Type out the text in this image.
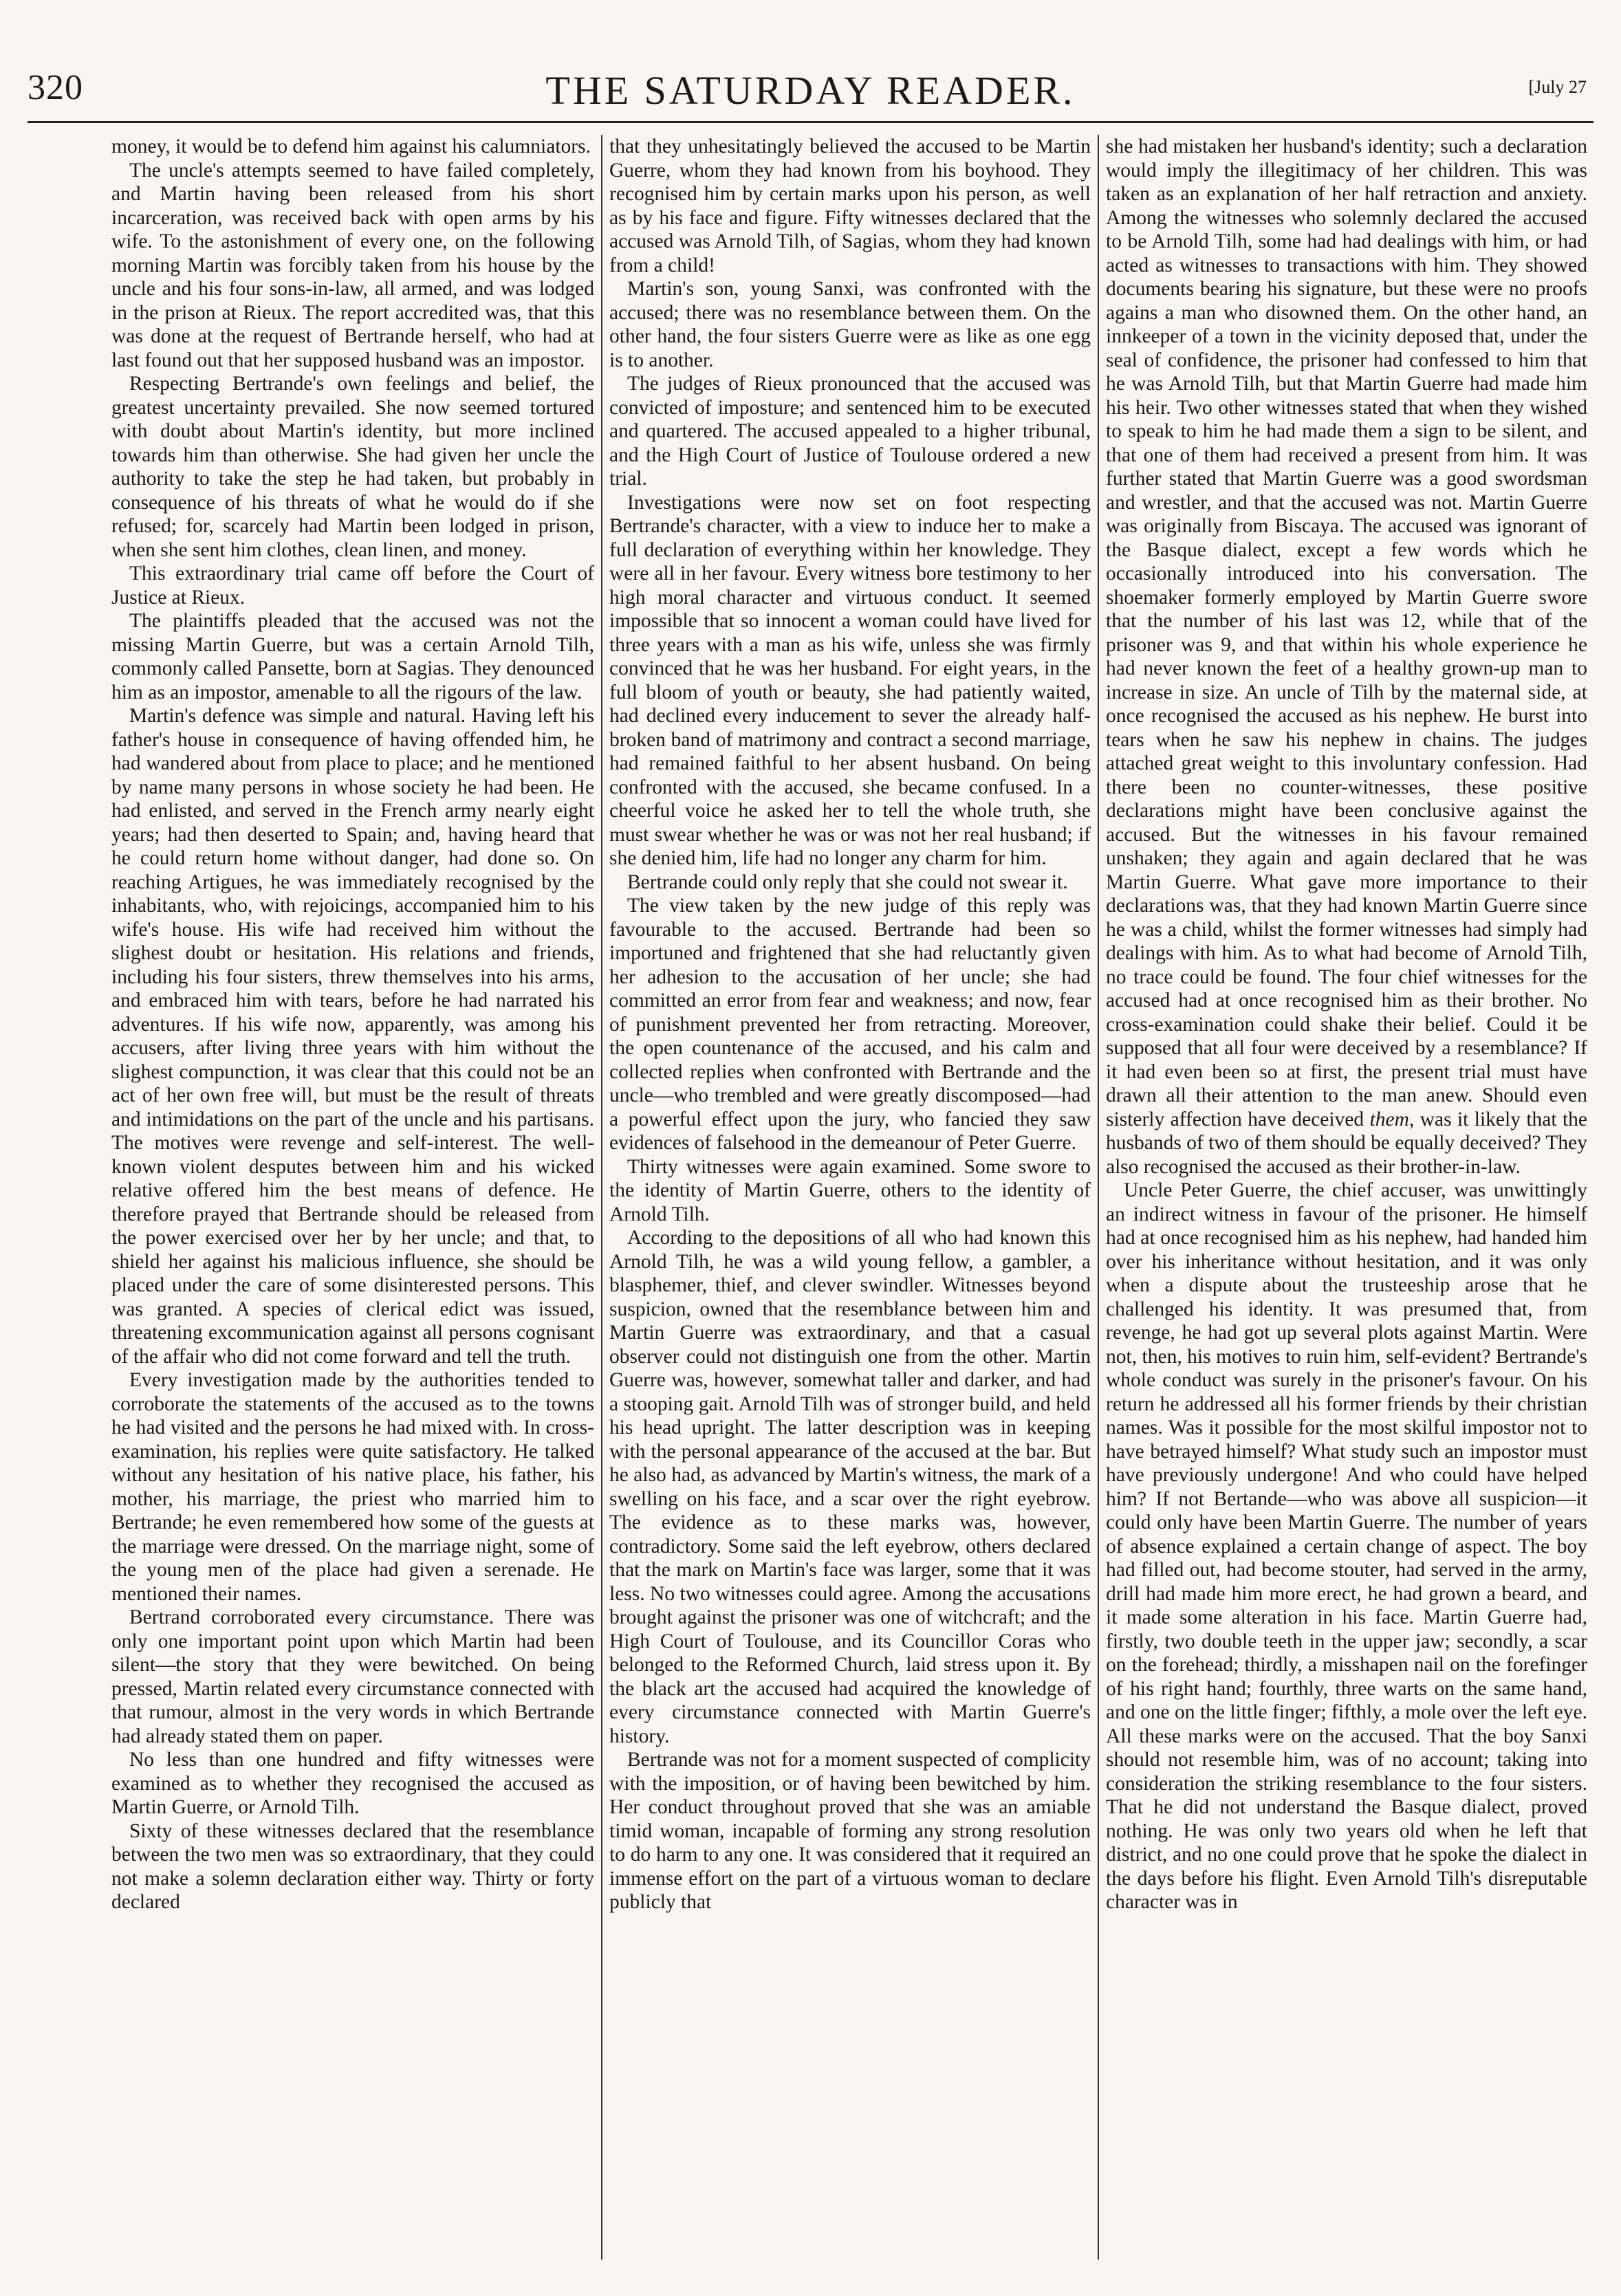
320	THE SATURDAY READER.	[July 27

money, it would be to defend him against his calumniators.

The uncle's attempts seemed to have failed completely, and Martin having been released from his short incarceration, was received back with open arms by his wife. To the astonishment of every one, on the following morning Martin was forcibly taken from his house by the uncle and his four sons-in-law, all armed, and was lodged in the prison at Rieux. The report accredited was, that this was done at the request of Bertrande herself, who had at last found out that her supposed husband was an impostor.

Respecting Bertrande's own feelings and belief, the greatest uncertainty prevailed. She now seemed tortured with doubt about Martin's identity, but more inclined towards him than otherwise. She had given her uncle the authority to take the step he had taken, but probably in consequence of his threats of what he would do if she refused; for, scarcely had Martin been lodged in prison, when she sent him clothes, clean linen, and money.

This extraordinary trial came off before the Court of Justice at Rieux.

The plaintiffs pleaded that the accused was not the missing Martin Guerre, but was a certain Arnold Tilh, commonly called Pansette, born at Sagias. They denounced him as an impostor, amenable to all the rigours of the law.

Martin's defence was simple and natural. Having left his father's house in consequence of having offended him, he had wandered about from place to place; and he mentioned by name many persons in whose society he had been. He had enlisted, and served in the French army nearly eight years; had then deserted to Spain; and, having heard that he could return home without danger, had done so. On reaching Artigues, he was immediately recognised by the inhabitants, who, with rejoicings, accompanied him to his wife's house. His wife had received him without the slighest doubt or hesitation. His relations and friends, including his four sisters, threw themselves into his arms, and embraced him with tears, before he had narrated his adventures. If his wife now, apparently, was among his accusers, after living three years with him without the slighest compunction, it was clear that this could not be an act of her own free will, but must be the result of threats and intimidations on the part of the uncle and his partisans. The motives were revenge and self-interest. The well-known violent desputes between him and his wicked relative offered him the best means of defence. He therefore prayed that Bertrande should be released from the power exercised over her by her uncle; and that, to shield her against his malicious influence, she should be placed under the care of some disinterested persons. This was granted. A species of clerical edict was issued, threatening excommunication against all persons cognisant of the affair who did not come forward and tell the truth.

Every investigation made by the authorities tended to corroborate the statements of the accused as to the towns he had visited and the persons he had mixed with. In cross-examination, his replies were quite satisfactory. He talked without any hesitation of his native place, his father, his mother, his marriage, the priest who married him to Bertrande; he even remembered how some of the guests at the marriage were dressed. On the marriage night, some of the young men of the place had given a serenade. He mentioned their names.

Bertrand corroborated every circumstance. There was only one important point upon which Martin had been silent—the story that they were bewitched. On being pressed, Martin related every circumstance connected with that rumour, almost in the very words in which Bertrande had already stated them on paper.

No less than one hundred and fifty witnesses were examined as to whether they recognised the accused as Martin Guerre, or Arnold Tilh.

Sixty of these witnesses declared that the resemblance between the two men was so extraordinary, that they could not make a solemn declaration either way. Thirty or forty declared

that they unhesitatingly believed the accused to be Martin Guerre, whom they had known from his boyhood. They recognised him by certain marks upon his person, as well as by his face and figure. Fifty witnesses declared that the accused was Arnold Tilh, of Sagias, whom they had known from a child!

Martin's son, young Sanxi, was confronted with the accused; there was no resemblance between them. On the other hand, the four sisters Guerre were as like as one egg is to another.

The judges of Rieux pronounced that the accused was convicted of imposture; and sentenced him to be executed and quartered. The accused appealed to a higher tribunal, and the High Court of Justice of Toulouse ordered a new trial.

Investigations were now set on foot respecting Bertrande's character, with a view to induce her to make a full declaration of everything within her knowledge. They were all in her favour. Every witness bore testimony to her high moral character and virtuous conduct. It seemed impossible that so innocent a woman could have lived for three years with a man as his wife, unless she was firmly convinced that he was her husband. For eight years, in the full bloom of youth or beauty, she had patiently waited, had declined every inducement to sever the already half-broken band of matrimony and contract a second marriage, had remained faithful to her absent husband. On being confronted with the accused, she became confused. In a cheerful voice he asked her to tell the whole truth, she must swear whether he was or was not her real husband; if she denied him, life had no longer any charm for him.

Bertrande could only reply that she could not swear it.

The view taken by the new judge of this reply was favourable to the accused. Bertrande had been so importuned and frightened that she had reluctantly given her adhesion to the accusation of her uncle; she had committed an error from fear and weakness; and now, fear of punishment prevented her from retracting. Moreover, the open countenance of the accused, and his calm and collected replies when confronted with Bertrande and the uncle—who trembled and were greatly discomposed—had a powerful effect upon the jury, who fancied they saw evidences of falsehood in the demeanour of Peter Guerre.

Thirty witnesses were again examined. Some swore to the identity of Martin Guerre, others to the identity of Arnold Tilh.

According to the depositions of all who had known this Arnold Tilh, he was a wild young fellow, a gambler, a blasphemer, thief, and clever swindler. Witnesses beyond suspicion, owned that the resemblance between him and Martin Guerre was extraordinary, and that a casual observer could not distinguish one from the other. Martin Guerre was, however, somewhat taller and darker, and had a stooping gait. Arnold Tilh was of stronger build, and held his head upright. The latter description was in keeping with the personal appearance of the accused at the bar. But he also had, as advanced by Martin's witness, the mark of a swelling on his face, and a scar over the right eyebrow. The evidence as to these marks was, however, contradictory. Some said the left eyebrow, others declared that the mark on Martin's face was larger, some that it was less. No two witnesses could agree. Among the accusations brought against the prisoner was one of witchcraft; and the High Court of Toulouse, and its Councillor Coras who belonged to the Reformed Church, laid stress upon it. By the black art the accused had acquired the knowledge of every circumstance connected with Martin Guerre's history.

Bertrande was not for a moment suspected of complicity with the imposition, or of having been bewitched by him. Her conduct throughout proved that she was an amiable timid woman, incapable of forming any strong resolution to do harm to any one. It was considered that it required an immense effort on the part of a virtuous woman to declare publicly that

she had mistaken her husband's identity; such a declaration would imply the illegitimacy of her children. This was taken as an explanation of her half retraction and anxiety. Among the witnesses who solemnly declared the accused to be Arnold Tilh, some had had dealings with him, or had acted as witnesses to transactions with him. They showed documents bearing his signature, but these were no proofs agains a man who disowned them. On the other hand, an innkeeper of a town in the vicinity deposed that, under the seal of confidence, the prisoner had confessed to him that he was Arnold Tilh, but that Martin Guerre had made him his heir. Two other witnesses stated that when they wished to speak to him he had made them a sign to be silent, and that one of them had received a present from him. It was further stated that Martin Guerre was a good swordsman and wrestler, and that the accused was not. Martin Guerre was originally from Biscaya. The accused was ignorant of the Basque dialect, except a few words which he occasionally introduced into his conversation. The shoemaker formerly employed by Martin Guerre swore that the number of his last was 12, while that of the prisoner was 9, and that within his whole experience he had never known the feet of a healthy grown-up man to increase in size. An uncle of Tilh by the maternal side, at once recognised the accused as his nephew. He burst into tears when he saw his nephew in chains. The judges attached great weight to this involuntary confession. Had there been no counter-witnesses, these positive declarations might have been conclusive against the accused. But the witnesses in his favour remained unshaken; they again and again declared that he was Martin Guerre. What gave more importance to their declarations was, that they had known Martin Guerre since he was a child, whilst the former witnesses had simply had dealings with him. As to what had become of Arnold Tilh, no trace could be found. The four chief witnesses for the accused had at once recognised him as their brother. No cross-examination could shake their belief. Could it be supposed that all four were deceived by a resemblance? If it had even been so at first, the present trial must have drawn all their attention to the man anew. Should even sisterly affection have deceived them, was it likely that the husbands of two of them should be equally deceived? They also recognised the accused as their brother-in-law.

Uncle Peter Guerre, the chief accuser, was unwittingly an indirect witness in favour of the prisoner. He himself had at once recognised him as his nephew, had handed him over his inheritance without hesitation, and it was only when a dispute about the trusteeship arose that he challenged his identity. It was presumed that, from revenge, he had got up several plots against Martin. Were not, then, his motives to ruin him, self-evident? Bertrande's whole conduct was surely in the prisoner's favour. On his return he addressed all his former friends by their christian names. Was it possible for the most skilful impostor not to have betrayed himself? What study such an impostor must have previously undergone! And who could have helped him? If not Bertande—who was above all suspicion—it could only have been Martin Guerre. The number of years of absence explained a certain change of aspect. The boy had filled out, had become stouter, had served in the army, drill had made him more erect, he had grown a beard, and it made some alteration in his face. Martin Guerre had, firstly, two double teeth in the upper jaw; secondly, a scar on the forehead; thirdly, a misshapen nail on the forefinger of his right hand; fourthly, three warts on the same hand, and one on the little finger; fifthly, a mole over the left eye. All these marks were on the accused. That the boy Sanxi should not resemble him, was of no account; taking into consideration the striking resemblance to the four sisters. That he did not understand the Basque dialect, proved nothing. He was only two years old when he left that district, and no one could prove that he spoke the dialect in the days before his flight. Even Arnold Tilh's disreputable character was in
